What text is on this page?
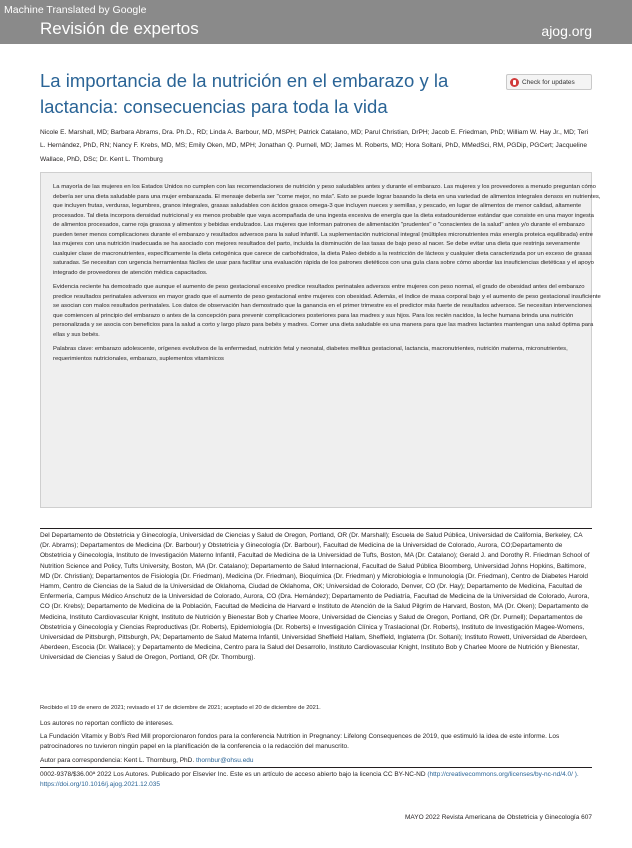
Machine Translated by Google
Revisión de expertos	ajog.org
La importancia de la nutrición en el embarazo y la lactancia: consecuencias para toda la vida
Check for updates
Nicole E. Marshall, MD; Barbara Abrams, Dra. Ph.D., RD; Linda A. Barbour, MD, MSPH; Patrick Catalano, MD; Parul Christian, DrPH; Jacob E. Friedman, PhD; William W. Hay Jr., MD; Teri L. Hernández, PhD, RN; Nancy F. Krebs, MD, MS; Emily Oken, MD, MPH; Jonathan Q. Purnell, MD; James M. Roberts, MD; Hora Soltani, PhD, MMedSci, RM, PGDip, PGCert; Jacqueline Wallace, PhD, DSc; Dr. Kent L. Thornburg

La mayoría de las mujeres en los Estados Unidos no cumplen con las recomendaciones de nutrición y peso saludables antes y durante el embarazo. Las mujeres y los proveedores a menudo preguntan cómo debería ser una dieta saludable para una mujer embarazada. El mensaje debería ser "come mejor, no más". Esto se puede lograr basando la dieta en una variedad de alimentos integrales densos en nutrientes, que incluyen frutas, verduras, legumbres, granos integrales, grasas saludables con ácidos grasos omega-3 que incluyen nueces y semillas, y pescado, en lugar de alimentos de menor calidad, altamente procesados. Tal dieta incorpora densidad nutricional y es menos probable que vaya acompañada de una ingesta excesiva de energía que la dieta estadounidense estándar que consiste en una mayor ingesta de alimentos procesados, carne roja grasosa y alimentos y bebidas endulzados. Las mujeres que informan patrones de alimentación "prudentes" o "conscientes de la salud" antes y/o durante el embarazo pueden tener menos complicaciones durante el embarazo y resultados adversos para la salud infantil. La suplementación nutricional integral (múltiples micronutrientes más energía proteica equilibrada) entre las mujeres con una nutrición inadecuada se ha asociado con mejores resultados del parto, incluida la disminución de las tasas de bajo peso al nacer. Se debe evitar una dieta que restrinja severamente cualquier clase de macronutrientes, específicamente la dieta cetogénica que carece de carbohidratos, la dieta Paleo debido a la restricción de lácteos y cualquier dieta caracterizada por un exceso de grasas saturadas. Se necesitan con urgencia herramientas fáciles de usar para facilitar una evaluación rápida de los patrones dietéticos con una guía clara sobre cómo abordar las insuficiencias dietéticas y el apoyo integrado de proveedores de atención médica capacitados.

Evidencia reciente ha demostrado que aunque el aumento de peso gestacional excesivo predice resultados perinatales adversos entre mujeres con peso normal, el grado de obesidad antes del embarazo predice resultados perinatales adversos en mayor grado que el aumento de peso gestacional entre mujeres con obesidad. Además, el índice de masa corporal bajo y el aumento de peso gestacional insuficiente se asocian con malos resultados perinatales. Los datos de observación han demostrado que la ganancia en el primer trimestre es el predictor más fuerte de resultados adversos. Se necesitan intervenciones que comiencen al principio del embarazo o antes de la concepción para prevenir complicaciones posteriores para las madres y sus hijos. Para los recién nacidos, la leche humana brinda una nutrición personalizada y se asocia con beneficios para la salud a corto y largo plazo para bebés y madres. Comer una dieta saludable es una manera para que las madres lactantes mantengan una salud óptima para ellas y sus bebés.

Palabras clave: embarazo adolescente, orígenes evolutivos de la enfermedad, nutrición fetal y neonatal, diabetes mellitus gestacional, lactancia, macronutrientes, nutrición materna, micronutrientes, requerimientos nutricionales, embarazo, suplementos vitamínicos

Del Departamento de Obstetricia y Ginecología, Universidad de Ciencias y Salud de Oregon, Portland, OR (Dr. Marshall); Escuela de Salud Pública, Universidad de California, Berkeley, CA (Dr. Abrams); Departamentos de Medicina (Dr. Barbour) y Obstetricia y Ginecología (Dr. Barbour), Facultad de Medicina de la Universidad de Colorado, Aurora, CO;Departamento de Obstetricia y Ginecología, Instituto de Investigación Materno Infantil, Facultad de Medicina de la Universidad de Tufts, Boston, MA (Dr. Catalano); Gerald J. and Dorothy R. Friedman School of Nutrition Science and Policy, Tufts University, Boston, MA (Dr. Catalano); Departamento de Salud Internacional, Facultad de Salud Pública Bloomberg, Universidad Johns Hopkins, Baltimore, MD (Dr. Christian); Departamentos de Fisiología (Dr. Friedman), Medicina (Dr. Friedman), Bioquímica (Dr. Friedman) y Microbiología e Inmunología (Dr. Friedman), Centro de Diabetes Harold Hamm, Centro de Ciencias de la Salud de la Universidad de Oklahoma, Ciudad de Oklahoma, OK; Universidad de Colorado, Denver, CO (Dr. Hay); Departamento de Medicina, Facultad de Enfermería, Campus Médico Anschutz de la Universidad de Colorado, Aurora, CO (Dra. Hernández); Departamento de Pediatría, Facultad de Medicina de la Universidad de Colorado, Aurora, CO (Dr. Krebs); Departamento de Medicina de la Población, Facultad de Medicina de Harvard e Instituto de Atención de la Salud Pilgrim de Harvard, Boston, MA (Dr. Oken); Departamento de Medicina, Instituto Cardiovascular Knight, Instituto de Nutrición y Bienestar Bob y Charlee Moore, Universidad de Ciencias y Salud de Oregon, Portland, OR (Dr. Purnell); Departamentos de Obstetricia y Ginecología y Ciencias Reproductivas (Dr. Roberts), Epidemiología (Dr. Roberts) e Investigación Clínica y Traslacional (Dr. Roberts), Instituto de Investigación Magee-Womens, Universidad de Pittsburgh, Pittsburgh, PA; Departamento de Salud Materna Infantil, Universidad Sheffield Hallam, Sheffield, Inglaterra (Dr. Soltani); Instituto Rowett, Universidad de Aberdeen, Aberdeen, Escocia (Dr. Wallace); y Departamento de Medicina, Centro para la Salud del Desarrollo, Instituto Cardiovascular Knight, Instituto Bob y Charlee Moore de Nutrición y Bienestar, Universidad de Ciencias y Salud de Oregon, Portland, OR (Dr. Thornburg).
Recibido el 19 de enero de 2021; revisado el 17 de diciembre de 2021; aceptado el 20 de diciembre de 2021.
Los autores no reportan conflicto de intereses.
La Fundación Vitamix y Bob's Red Mill proporcionaron fondos para la conferencia Nutrition in Pregnancy: Lifelong Consequences de 2019, que estimuló la idea de este informe. Los patrocinadores no tuvieron ningún papel en la planificación de la conferencia o la redacción del manuscrito.
Autor para correspondencia: Kent L. Thornburg, PhD. thornbur@ohsu.edu
0002-9378/$36.00ª 2022 Los Autores. Publicado por Elsevier Inc. Este es un artículo de acceso abierto bajo la licencia CC BY-NC-ND (http://creativecommons.org/licenses/by-nc-nd/4.0/ ). https://doi.org/10.1016/j.ajog.2021.12.035
MAYO 2022 Revista Americana de Obstetricia y Ginecología 607
